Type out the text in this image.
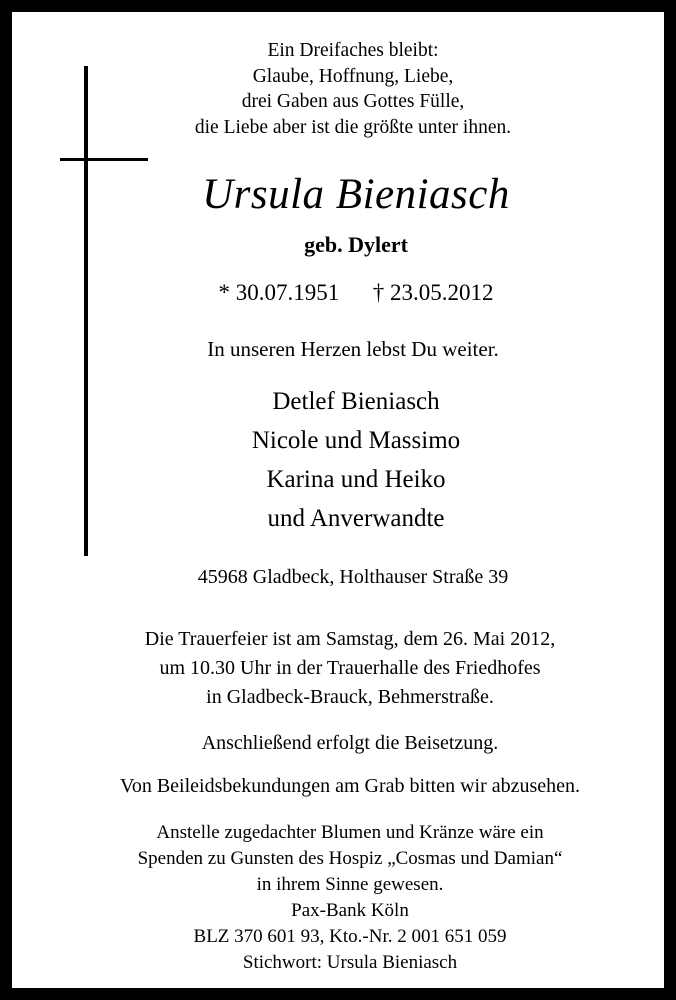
Ein Dreifaches bleibt:
Glaube, Hoffnung, Liebe,
drei Gaben aus Gottes Fülle,
die Liebe aber ist die größte unter ihnen.
Ursula Bieniasch
geb. Dylert
* 30.07.1951 † 23.05.2012
In unseren Herzen lebst Du weiter.
Detlef Bieniasch
Nicole und Massimo
Karina und Heiko
und Anverwandte
45968 Gladbeck, Holthauser Straße 39
Die Trauerfeier ist am Samstag, dem 26. Mai 2012,
um 10.30 Uhr in der Trauerhalle des Friedhofes
in Gladbeck-Brauck, Behmerstraße.
Anschließend erfolgt die Beisetzung.
Von Beileidsbekundungen am Grab bitten wir abzusehen.
Anstelle zugedachter Blumen und Kränze wäre ein
Spenden zu Gunsten des Hospiz „Cosmas und Damian“
in ihrem Sinne gewesen.
Pax-Bank Köln
BLZ 370 601 93, Kto.-Nr. 2 001 651 059
Stichwort: Ursula Bieniasch
